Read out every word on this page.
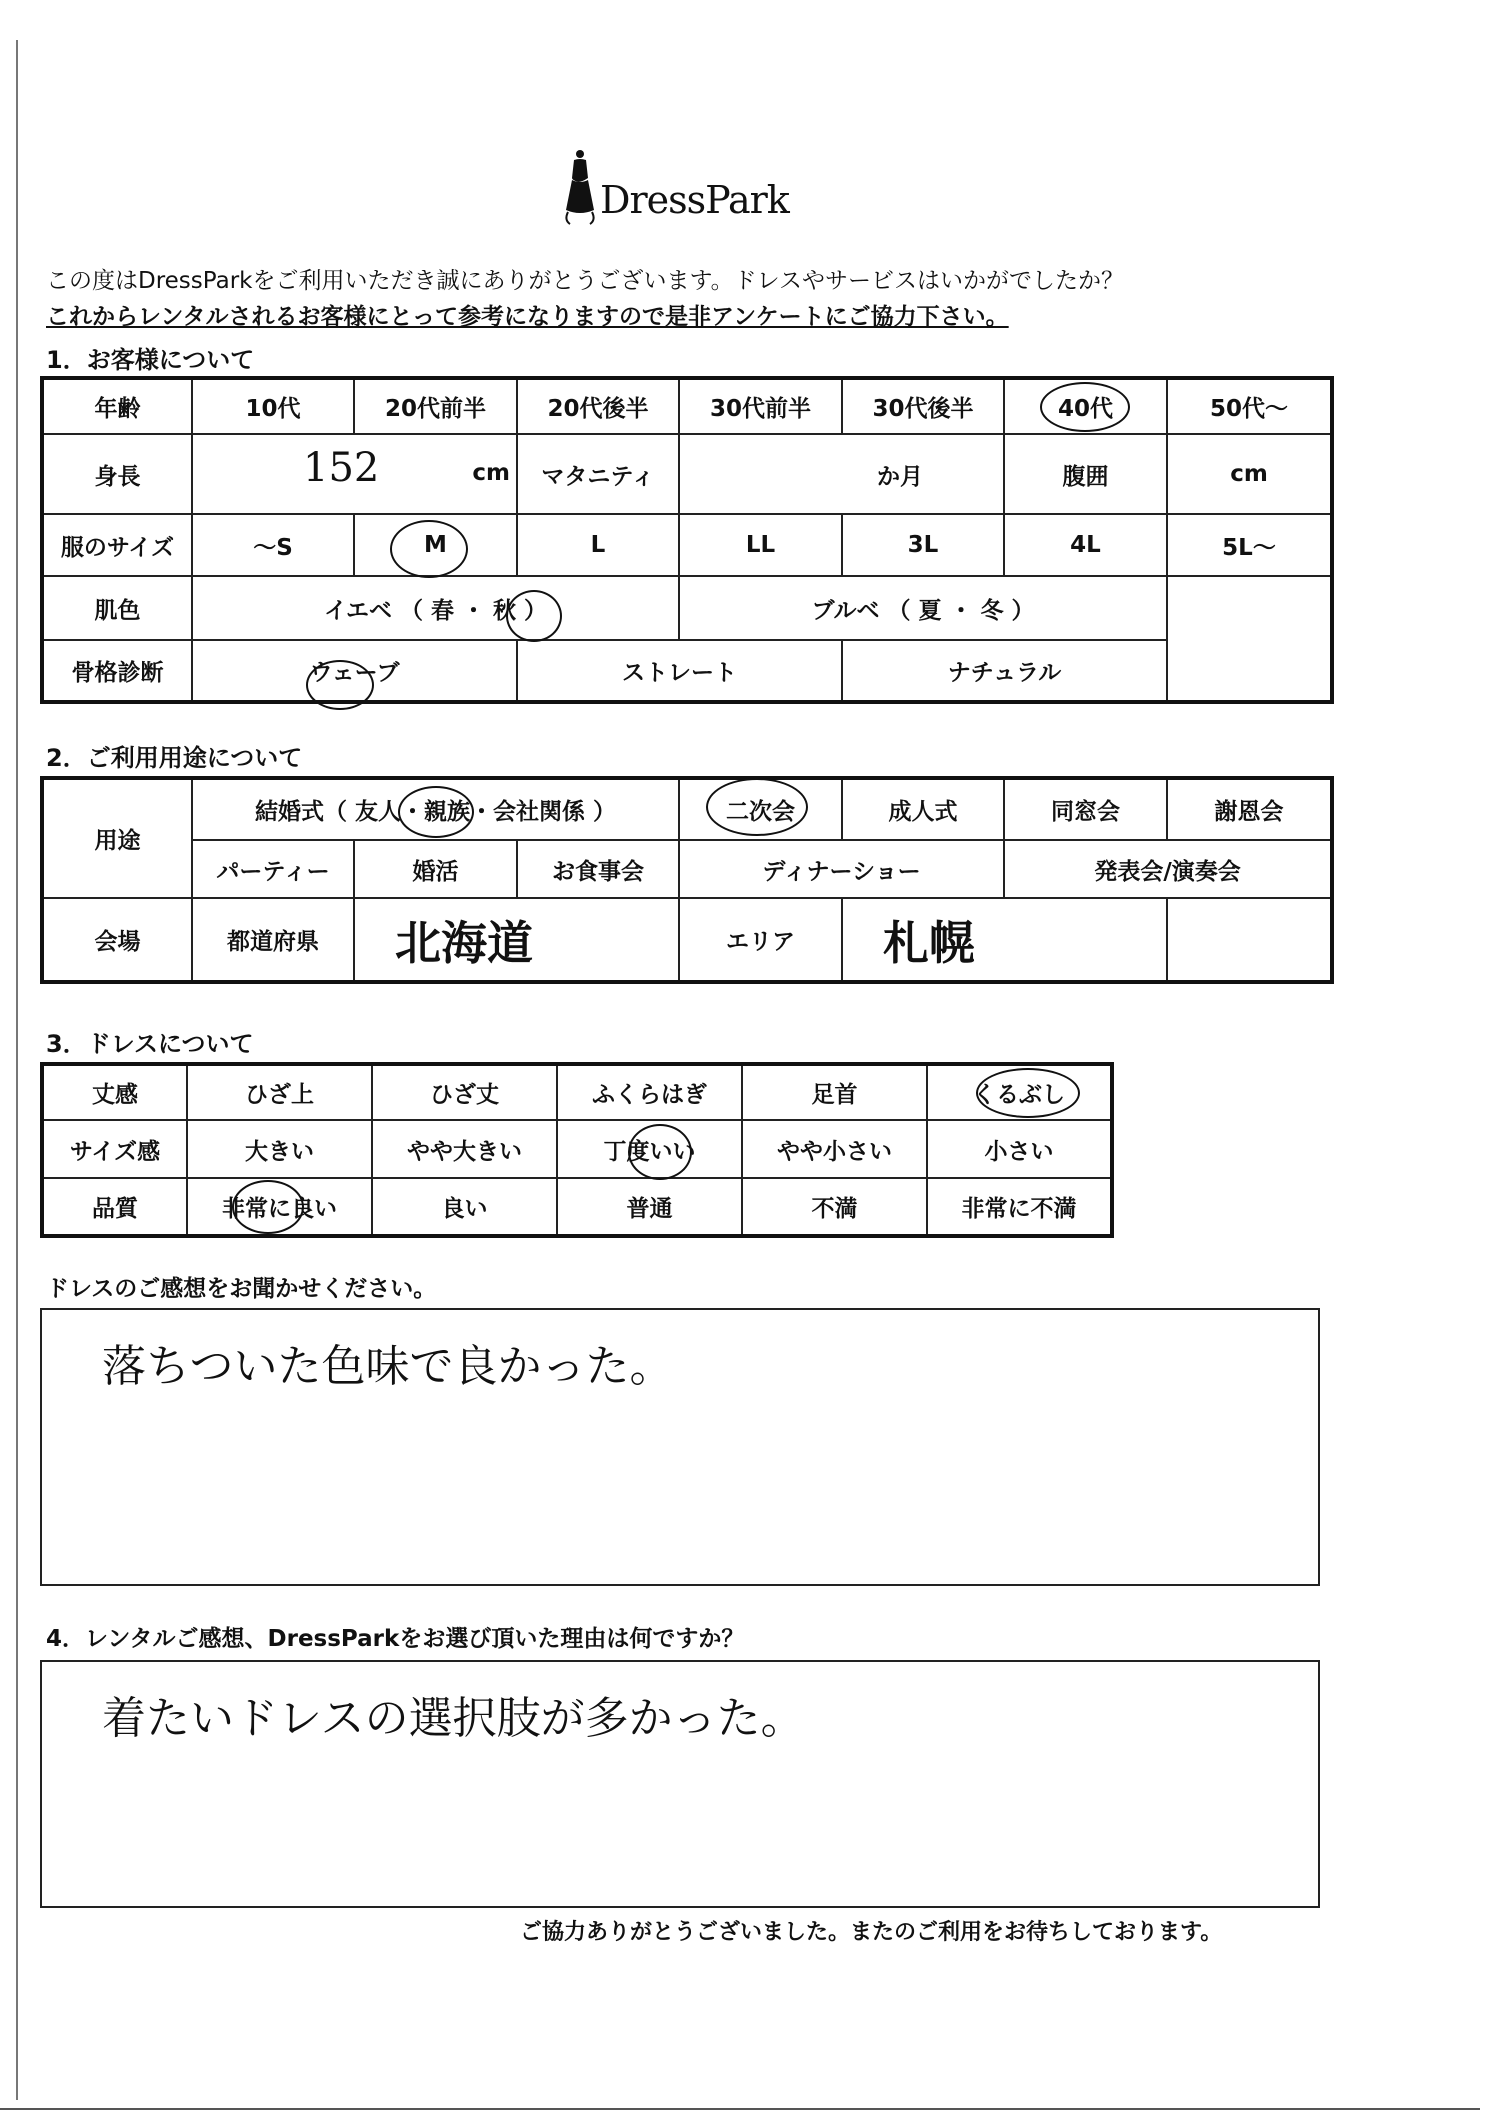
DressPark
この度はDressParkをご利用いただき誠にありがとうございます。ドレスやサービスはいかがでしたか？
これからレンタルされるお客様にとって参考になりますので是非アンケートにご協力下さい。
1．お客様について
年齢	10代	20代前半	20代後半	30代前半	30代後半	40代	50代〜
身長	152 cm		マタニティ	か月		腹囲	cm
服のサイズ	〜S	M	L	LL	3L	4L	5L〜
肌色	イエベ （ 春 ・ 秋 ）			ブルベ （ 夏 ・ 冬 ）			
骨格診断	ウェーブ		ストレート		ナチュラル		
2．ご利用用途について
用途	結婚式（ 友人・親族・会社関係 ）			二次会	成人式	同窓会	謝恩会
	パーティー	婚活	お食事会	ディナーショー		発表会/演奏会	
会場	都道府県	北海道		エリア	札幌		
3．ドレスについて
丈感	ひざ上	ひざ丈	ふくらはぎ	足首	くるぶし
サイズ感	大きい	やや大きい	丁度いい	やや小さい	小さい
品質	非常に良い	良い	普通	不満	非常に不満
ドレスのご感想をお聞かせください。
落ちついた色味で良かった。
4．レンタルご感想、DressParkをお選び頂いた理由は何ですか？
着たいドレスの選択肢が多かった。
ご協力ありがとうございました。またのご利用をお待ちしております。
